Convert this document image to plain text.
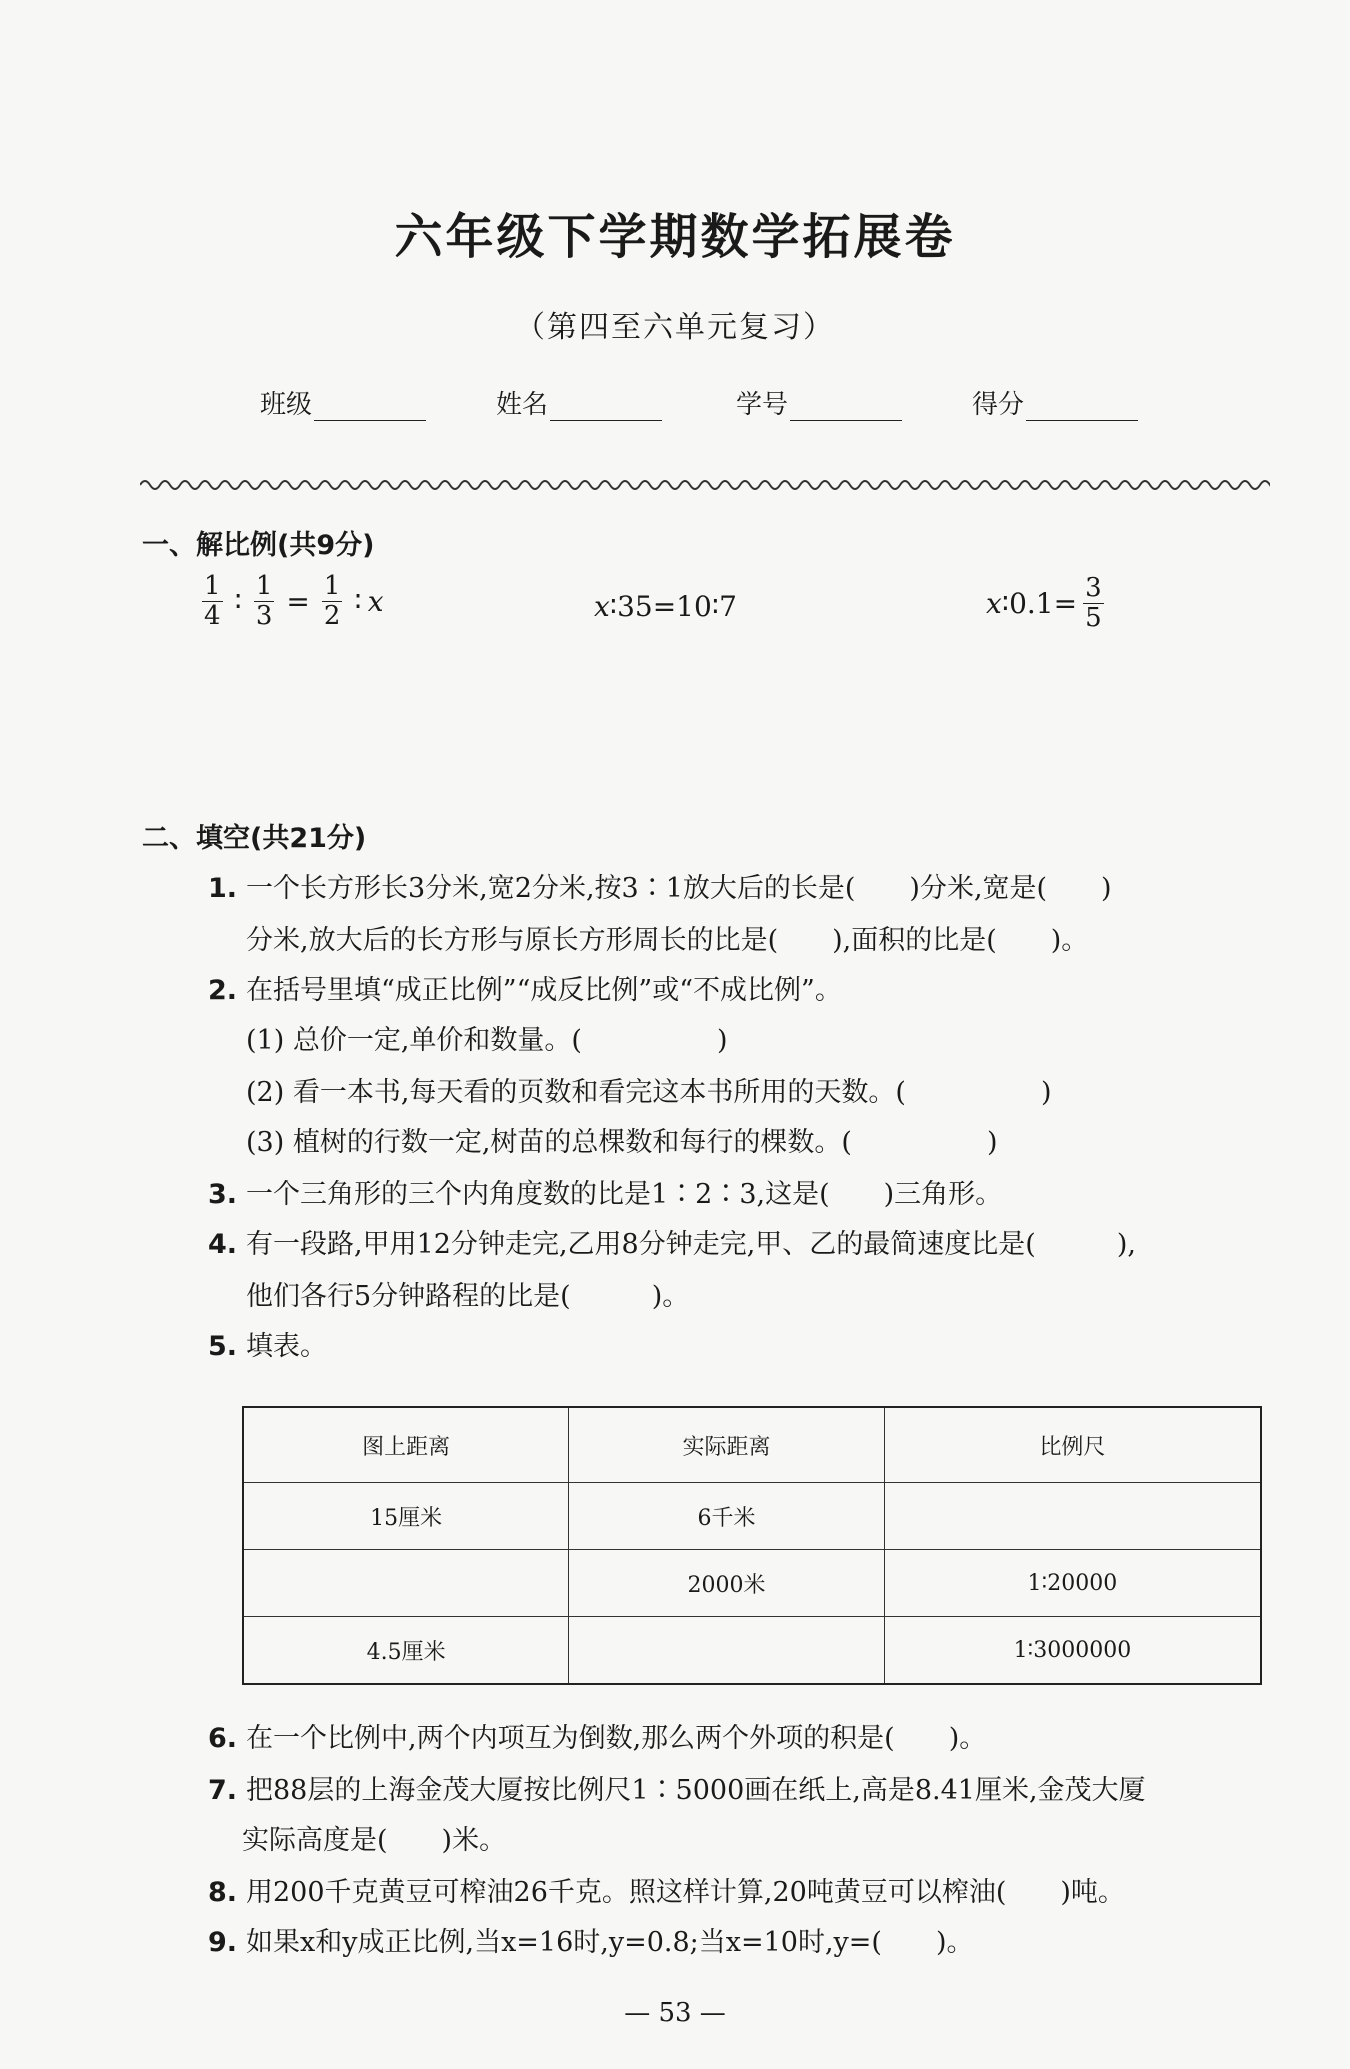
六年级下学期数学拓展卷
（第四至六单元复习）
班级	姓名	学号	得分
一、解比例(共9分)
$\frac{1}{4}$ ∶ $\frac{1}{3} = \frac{1}{2}$ ∶ x	x ∶35=10∶7	x ∶0.1= $\frac{3}{5}$
二、填空(共21分)
1. 一个长方形长3分米,宽2分米,按3∶1放大后的长是(　　)分米,宽是(　　)
分米,放大后的长方形与原长方形周长的比是(　　),面积的比是(　　)。
2. 在括号里填“成正比例”“成反比例”或“不成比例”。
(1) 总价一定,单价和数量。(　　　　　)
(2) 看一本书,每天看的页数和看完这本书所用的天数。(　　　　　)
(3) 植树的行数一定,树苗的总棵数和每行的棵数。(　　　　　)
3. 一个三角形的三个内角度数的比是1∶2∶3,这是(　　)三角形。
4. 有一段路,甲用12分钟走完,乙用8分钟走完,甲、乙的最简速度比是(　　　),
他们各行5分钟路程的比是(　　　)。
5. 填表。
图上距离	实际距离	比例尺
15厘米	6千米	
	2000米	1∶20000
4.5厘米		1∶3000000
6. 在一个比例中,两个内项互为倒数,那么两个外项的积是(　　)。
7. 把88层的上海金茂大厦按比例尺1∶5000画在纸上,高是8.41厘米,金茂大厦
实际高度是(　　)米。
8. 用200千克黄豆可榨油26千克。照这样计算,20吨黄豆可以榨油(　　)吨。
9. 如果x和y成正比例,当x=16时,y=0.8;当x=10时,y=(　　)。
— 53 —
